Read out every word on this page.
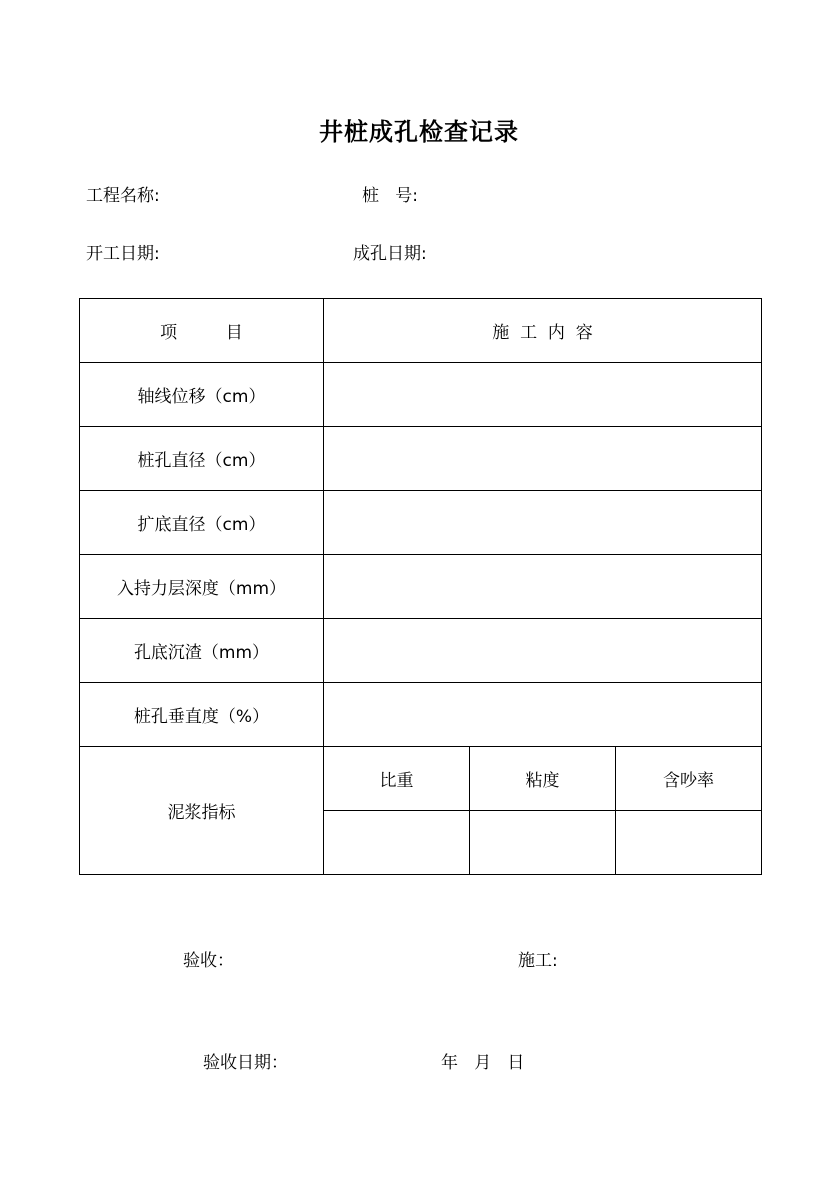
井桩成孔检查记录
工程名称:	桩   号:
开工日期:	成孔日期:
项         目	施  工  内  容		
轴线位移（cm）			
桩孔直径（cm）			
扩底直径（cm）			
入持力层深度（mm）			
孔底沉渣（mm）			
桩孔垂直度（%）			
泥浆指标	比重	粘度	含吵率

验收：	施工:
验收日期：	年   月   日
